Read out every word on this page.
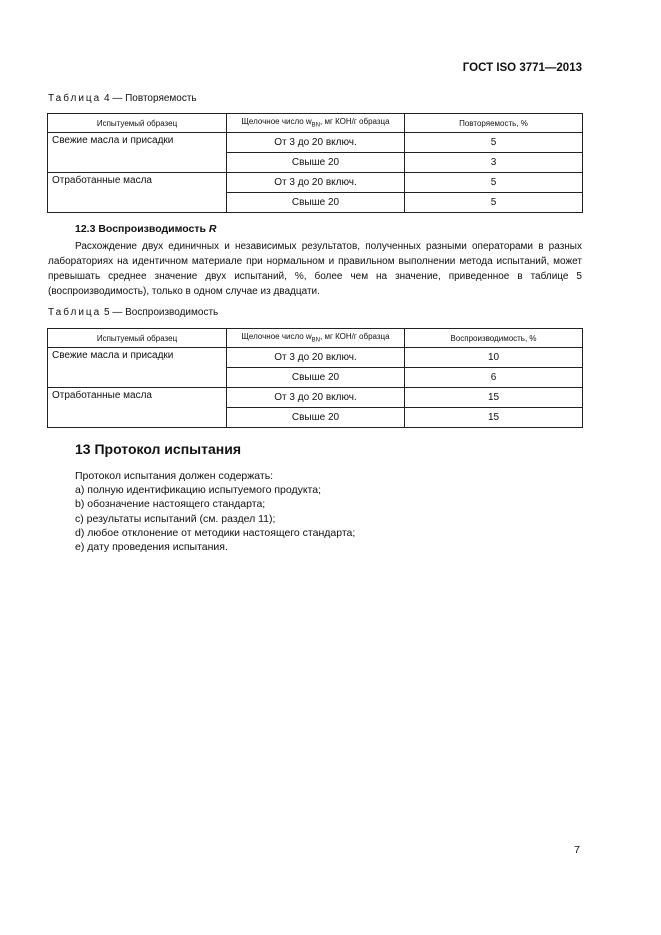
ГОСТ ISO 3771—2013
Таблица 4 — Повторяемость
Испытуемый образец	Щелочное число $w_{BN}$, мг КОН/г образца	Повторяемость, %
Свежие масла и присадки	От 3 до 20 включ.	5
	Свыше 20	3
Отработанные масла	От 3 до 20 включ.	5
	Свыше 20	5
12.3 Воспроизводимость R
Расхождение двух единичных и независимых результатов, полученных разными операторами в разных лабораториях на идентичном материале при нормальном и правильном выполнении метода испытаний, может превышать среднее значение двух испытаний, %, более чем на значение, приведенное в таблице 5 (воспроизводимость), только в одном случае из двадцати.
Таблица 5 — Воспроизводимость
Испытуемый образец	Щелочное число $w_{BN}$, мг КОН/г образца	Воспроизводимость, %
Свежие масла и присадки	От 3 до 20 включ.	10
	Свыше 20	6
Отработанные масла	От 3 до 20 включ.	15
	Свыше 20	15
13 Протокол испытания
Протокол испытания должен содержать:
a) полную идентификацию испытуемого продукта;
b) обозначение настоящего стандарта;
c) результаты испытаний (см. раздел 11);
d) любое отклонение от методики настоящего стандарта;
e) дату проведения испытания.
7
